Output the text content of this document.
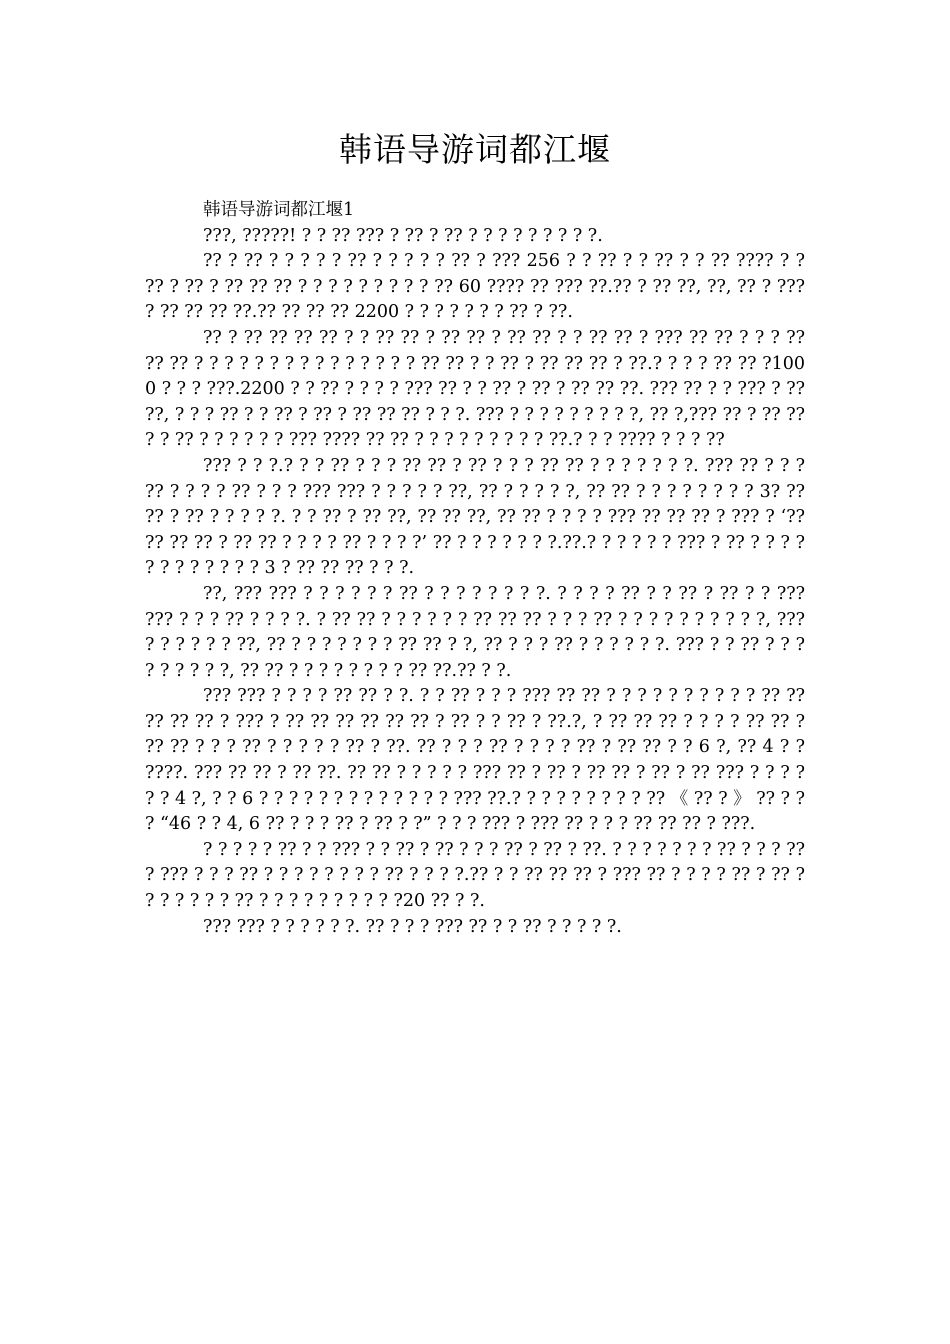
韩语导游词都江堰

韩语导游词都江堰1

???, ?????! ? ? ?? ??? ? ?? ? ?? ? ? ? ? ? ? ? ? ?.

?? ? ?? ? ? ? ? ? ?? ? ? ? ? ? ?? ? ??? 256 ? ? ?? ? ? ?? ? ? ?? ???? ? ? ?? ? ?? ? ?? ?? ?? ? ? ? ? ? ? ? ? ? ?? 60 ???? ?? ??? ??.?? ? ?? ??, ??, ?? ? ??? ? ?? ?? ?? ??.?? ?? ?? ?? 2200 ? ? ? ? ? ? ? ?? ? ??.

?? ? ?? ?? ?? ?? ? ? ?? ?? ? ?? ?? ? ?? ?? ? ? ?? ?? ? ??? ?? ?? ? ? ? ?? ?? ?? ? ? ? ? ? ? ? ? ? ? ? ? ? ? ? ?? ?? ? ? ?? ? ?? ?? ?? ? ??.? ? ? ? ?? ?? ?1000 ? ? ? ???.2200 ? ? ?? ? ? ? ? ??? ?? ? ? ?? ? ?? ? ?? ?? ??. ??? ?? ? ? ??? ? ?? ??, ? ? ? ?? ? ? ?? ? ?? ? ?? ?? ?? ? ? ?. ??? ? ? ? ? ? ? ? ? ?, ?? ?,??? ?? ? ?? ?? ? ? ?? ? ? ? ? ? ? ??? ???? ?? ?? ? ? ? ? ? ? ? ? ? ??.? ? ? ???? ? ? ? ??

??? ? ? ?.? ? ? ?? ? ? ? ?? ?? ? ?? ? ? ? ?? ?? ? ? ? ? ? ? ?. ??? ?? ? ? ? ?? ? ? ? ? ?? ? ? ? ??? ??? ? ? ? ? ? ??, ?? ? ? ? ? ?, ?? ?? ? ? ? ? ? ? ? ? 3? ?? ?? ? ?? ? ? ? ? ?. ? ? ?? ? ?? ??, ?? ?? ??, ?? ?? ? ? ? ? ??? ?? ?? ?? ? ??? ? ‘?? ?? ?? ?? ? ?? ?? ? ? ? ? ?? ? ? ? ?’ ?? ? ? ? ? ? ? ?.??.? ? ? ? ? ? ??? ? ?? ? ? ? ? ? ? ? ? ? ? ? ? 3 ? ?? ?? ?? ? ? ?.

??, ??? ??? ? ? ? ? ? ? ?? ? ? ? ? ? ? ? ?. ? ? ? ? ?? ? ? ?? ? ?? ? ? ??? ??? ? ? ? ?? ? ? ? ?. ? ?? ?? ? ? ? ? ? ? ?? ?? ?? ? ? ? ?? ? ? ? ? ? ? ? ? ? ?, ??? ? ? ? ? ? ? ??, ?? ? ? ? ? ? ? ? ?? ?? ? ?, ?? ? ? ? ?? ? ? ? ? ? ?. ??? ? ? ?? ? ? ? ? ? ? ? ? ?, ?? ?? ? ? ? ? ? ? ? ? ?? ??.?? ? ?.

??? ??? ? ? ? ? ?? ?? ? ?. ? ? ?? ? ? ? ??? ?? ?? ? ? ? ? ? ? ? ? ? ? ?? ?? ?? ?? ?? ? ??? ? ?? ?? ?? ?? ?? ?? ? ?? ? ? ?? ? ??.?, ? ?? ?? ?? ? ? ? ? ?? ?? ? ?? ?? ? ? ? ?? ? ? ? ? ? ?? ? ??. ?? ? ? ? ?? ? ? ? ? ?? ? ?? ?? ? ? 6 ?, ?? 4 ? ? ????. ??? ?? ?? ? ?? ??. ?? ?? ? ? ? ? ? ??? ?? ? ?? ? ?? ?? ? ?? ? ?? ??? ? ? ? ? ? ? 4 ?, ? ? 6 ? ? ? ? ? ? ? ? ? ? ? ? ? ??? ??.? ? ? ? ? ? ? ? ? ?? 《 ?? ? 》 ?? ? ? ? “46 ? ? 4, 6 ?? ? ? ? ?? ? ?? ? ?” ? ? ? ??? ? ??? ?? ? ? ? ?? ?? ?? ? ???.

? ? ? ? ? ?? ? ? ??? ? ? ?? ? ?? ? ? ? ?? ? ?? ? ??. ? ? ? ? ? ? ? ?? ? ? ? ?? ? ??? ? ? ? ?? ? ? ? ? ? ? ? ? ?? ? ? ? ?.?? ? ? ?? ?? ?? ? ??? ?? ? ? ? ? ?? ? ?? ? ? ? ? ? ? ? ?? ? ? ? ? ? ? ? ? ? ?20 ?? ? ?.

??? ??? ? ? ? ? ? ?. ?? ? ? ? ??? ?? ? ? ?? ? ? ? ? ?.
